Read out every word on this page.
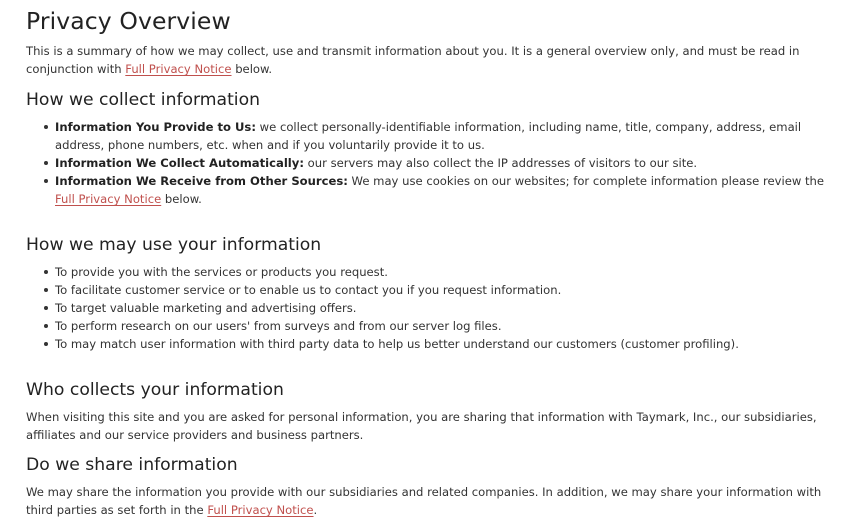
Privacy Overview

This is a summary of how we may collect, use and transmit information about you. It is a general overview only, and must be read in conjunction with Full Privacy Notice below.

How we collect information
Information You Provide to Us: we collect personally-identifiable information, including name, title, company, address, email address, phone numbers, etc. when and if you voluntarily provide it to us.
Information We Collect Automatically: our servers may also collect the IP addresses of visitors to our site.
Information We Receive from Other Sources: We may use cookies on our websites; for complete information please review the Full Privacy Notice below.
How we may use your information
To provide you with the services or products you request.
To facilitate customer service or to enable us to contact you if you request information.
To target valuable marketing and advertising offers.
To perform research on our users' from surveys and from our server log files.
To may match user information with third party data to help us better understand our customers (customer profiling).
Who collects your information

When visiting this site and you are asked for personal information, you are sharing that information with Taymark, Inc., our subsidiaries, affiliates and our service providers and business partners.

Do we share information

We may share the information you provide with our subsidiaries and related companies. In addition, we may share your information with third parties as set forth in the Full Privacy Notice.
